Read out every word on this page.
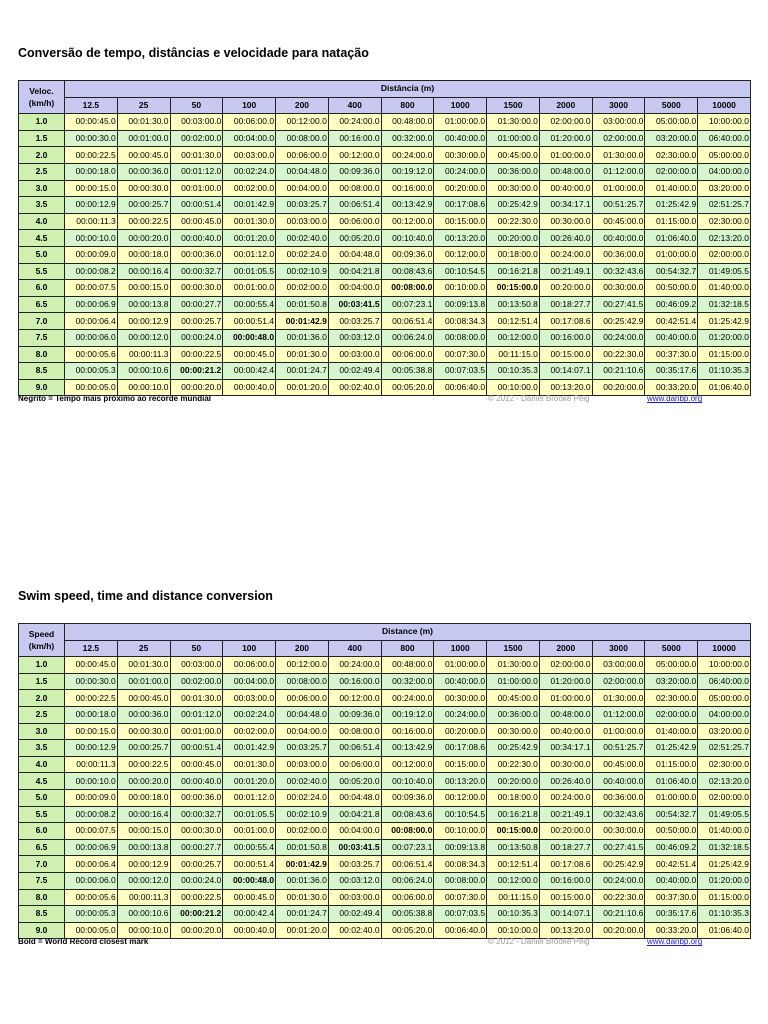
Conversão de tempo, distâncias e velocidade para natação
Veloc.
(km/h)	Distância (m)												
	12.5	25	50	100	200	400	800	1000	1500	2000	3000	5000	10000
1.0	00:00:45.0	00:01:30.0	00:03:00.0	00:06:00.0	00:12:00.0	00:24:00.0	00:48:00.0	01:00:00.0	01:30:00.0	02:00:00.0	03:00:00.0	05:00:00.0	10:00:00.0
1.5	00:00:30.0	00:01:00.0	00:02:00.0	00:04:00.0	00:08:00.0	00:16:00.0	00:32:00.0	00:40:00.0	01:00:00.0	01:20:00.0	02:00:00.0	03:20:00.0	06:40:00.0
2.0	00:00:22.5	00:00:45.0	00:01:30.0	00:03:00.0	00:06:00.0	00:12:00.0	00:24:00.0	00:30:00.0	00:45:00.0	01:00:00.0	01:30:00.0	02:30:00.0	05:00:00.0
2.5	00:00:18.0	00:00:36.0	00:01:12.0	00:02:24.0	00:04:48.0	00:09:36.0	00:19:12.0	00:24:00.0	00:36:00.0	00:48:00.0	01:12:00.0	02:00:00.0	04:00:00.0
3.0	00:00:15.0	00:00:30.0	00:01:00.0	00:02:00.0	00:04:00.0	00:08:00.0	00:16:00.0	00:20:00.0	00:30:00.0	00:40:00.0	01:00:00.0	01:40:00.0	03:20:00.0
3.5	00:00:12.9	00:00:25.7	00:00:51.4	00:01:42.9	00:03:25.7	00:06:51.4	00:13:42.9	00:17:08.6	00:25:42.9	00:34:17.1	00:51:25.7	01:25:42.9	02:51:25.7
4.0	00:00:11.3	00:00:22.5	00:00:45.0	00:01:30.0	00:03:00.0	00:06:00.0	00:12:00.0	00:15:00.0	00:22:30.0	00:30:00.0	00:45:00.0	01:15:00.0	02:30:00.0
4.5	00:00:10.0	00:00:20.0	00:00:40.0	00:01:20.0	00:02:40.0	00:05:20.0	00:10:40.0	00:13:20.0	00:20:00.0	00:26:40.0	00:40:00.0	01:06:40.0	02:13:20.0
5.0	00:00:09.0	00:00:18.0	00:00:36.0	00:01:12.0	00:02:24.0	00:04:48.0	00:09:36.0	00:12:00.0	00:18:00.0	00:24:00.0	00:36:00.0	01:00:00.0	02:00:00.0
5.5	00:00:08.2	00:00:16.4	00:00:32.7	00:01:05.5	00:02:10.9	00:04:21.8	00:08:43.6	00:10:54.5	00:16:21.8	00:21:49.1	00:32:43.6	00:54:32.7	01:49:05.5
6.0	00:00:07.5	00:00:15.0	00:00:30.0	00:01:00.0	00:02:00.0	00:04:00.0	00:08:00.0	00:10:00.0	00:15:00.0	00:20:00.0	00:30:00.0	00:50:00.0	01:40:00.0
6.5	00:00:06.9	00:00:13.8	00:00:27.7	00:00:55.4	00:01:50.8	00:03:41.5	00:07:23.1	00:09:13.8	00:13:50.8	00:18:27.7	00:27:41.5	00:46:09.2	01:32:18.5
7.0	00:00:06.4	00:00:12.9	00:00:25.7	00:00:51.4	00:01:42.9	00:03:25.7	00:06:51.4	00:08:34.3	00:12:51.4	00:17:08.6	00:25:42.9	00:42:51.4	01:25:42.9
7.5	00:00:06.0	00:00:12.0	00:00:24.0	00:00:48.0	00:01:36.0	00:03:12.0	00:06:24.0	00:08:00.0	00:12:00.0	00:16:00.0	00:24:00.0	00:40:00.0	01:20:00.0
8.0	00:00:05.6	00:00:11.3	00:00:22.5	00:00:45.0	00:01:30.0	00:03:00.0	00:06:00.0	00:07:30.0	00:11:15.0	00:15:00.0	00:22:30.0	00:37:30.0	01:15:00.0
8.5	00:00:05.3	00:00:10.6	00:00:21.2	00:00:42.4	00:01:24.7	00:02:49.4	00:05:38.8	00:07:03.5	00:10:35.3	00:14:07.1	00:21:10.6	00:35:17.6	01:10:35.3
9.0	00:00:05.0	00:00:10.0	00:00:20.0	00:00:40.0	00:01:20.0	00:02:40.0	00:05:20.0	00:06:40.0	00:10:00.0	00:13:20.0	00:20:00.0	00:33:20.0	01:06:40.0
Negrito = Tempo mais próximo ao recorde mundial	© 2012 - Daniel Brooke Peig	www.danbp.org
Swim speed, time and distance conversion
Speed
(km/h)	Distance (m)												
	12.5	25	50	100	200	400	800	1000	1500	2000	3000	5000	10000
1.0	00:00:45.0	00:01:30.0	00:03:00.0	00:06:00.0	00:12:00.0	00:24:00.0	00:48:00.0	01:00:00.0	01:30:00.0	02:00:00.0	03:00:00.0	05:00:00.0	10:00:00.0
1.5	00:00:30.0	00:01:00.0	00:02:00.0	00:04:00.0	00:08:00.0	00:16:00.0	00:32:00.0	00:40:00.0	01:00:00.0	01:20:00.0	02:00:00.0	03:20:00.0	06:40:00.0
2.0	00:00:22.5	00:00:45.0	00:01:30.0	00:03:00.0	00:06:00.0	00:12:00.0	00:24:00.0	00:30:00.0	00:45:00.0	01:00:00.0	01:30:00.0	02:30:00.0	05:00:00.0
2.5	00:00:18.0	00:00:36.0	00:01:12.0	00:02:24.0	00:04:48.0	00:09:36.0	00:19:12.0	00:24:00.0	00:36:00.0	00:48:00.0	01:12:00.0	02:00:00.0	04:00:00.0
3.0	00:00:15.0	00:00:30.0	00:01:00.0	00:02:00.0	00:04:00.0	00:08:00.0	00:16:00.0	00:20:00.0	00:30:00.0	00:40:00.0	01:00:00.0	01:40:00.0	03:20:00.0
3.5	00:00:12.9	00:00:25.7	00:00:51.4	00:01:42.9	00:03:25.7	00:06:51.4	00:13:42.9	00:17:08.6	00:25:42.9	00:34:17.1	00:51:25.7	01:25:42.9	02:51:25.7
4.0	00:00:11.3	00:00:22.5	00:00:45.0	00:01:30.0	00:03:00.0	00:06:00.0	00:12:00.0	00:15:00.0	00:22:30.0	00:30:00.0	00:45:00.0	01:15:00.0	02:30:00.0
4.5	00:00:10.0	00:00:20.0	00:00:40.0	00:01:20.0	00:02:40.0	00:05:20.0	00:10:40.0	00:13:20.0	00:20:00.0	00:26:40.0	00:40:00.0	01:06:40.0	02:13:20.0
5.0	00:00:09.0	00:00:18.0	00:00:36.0	00:01:12.0	00:02:24.0	00:04:48.0	00:09:36.0	00:12:00.0	00:18:00.0	00:24:00.0	00:36:00.0	01:00:00.0	02:00:00.0
5.5	00:00:08.2	00:00:16.4	00:00:32.7	00:01:05.5	00:02:10.9	00:04:21.8	00:08:43.6	00:10:54.5	00:16:21.8	00:21:49.1	00:32:43.6	00:54:32.7	01:49:05.5
6.0	00:00:07.5	00:00:15.0	00:00:30.0	00:01:00.0	00:02:00.0	00:04:00.0	00:08:00.0	00:10:00.0	00:15:00.0	00:20:00.0	00:30:00.0	00:50:00.0	01:40:00.0
6.5	00:00:06.9	00:00:13.8	00:00:27.7	00:00:55.4	00:01:50.8	00:03:41.5	00:07:23.1	00:09:13.8	00:13:50.8	00:18:27.7	00:27:41.5	00:46:09.2	01:32:18.5
7.0	00:00:06.4	00:00:12.9	00:00:25.7	00:00:51.4	00:01:42.9	00:03:25.7	00:06:51.4	00:08:34.3	00:12:51.4	00:17:08.6	00:25:42.9	00:42:51.4	01:25:42.9
7.5	00:00:06.0	00:00:12.0	00:00:24.0	00:00:48.0	00:01:36.0	00:03:12.0	00:06:24.0	00:08:00.0	00:12:00.0	00:16:00.0	00:24:00.0	00:40:00.0	01:20:00.0
8.0	00:00:05.6	00:00:11.3	00:00:22.5	00:00:45.0	00:01:30.0	00:03:00.0	00:06:00.0	00:07:30.0	00:11:15.0	00:15:00.0	00:22:30.0	00:37:30.0	01:15:00.0
8.5	00:00:05.3	00:00:10.6	00:00:21.2	00:00:42.4	00:01:24.7	00:02:49.4	00:05:38.8	00:07:03.5	00:10:35.3	00:14:07.1	00:21:10.6	00:35:17.6	01:10:35.3
9.0	00:00:05.0	00:00:10.0	00:00:20.0	00:00:40.0	00:01:20.0	00:02:40.0	00:05:20.0	00:06:40.0	00:10:00.0	00:13:20.0	00:20:00.0	00:33:20.0	01:06:40.0
Bold = World Record closest mark	© 2012 - Daniel Brooke Peig	www.danbp.org
